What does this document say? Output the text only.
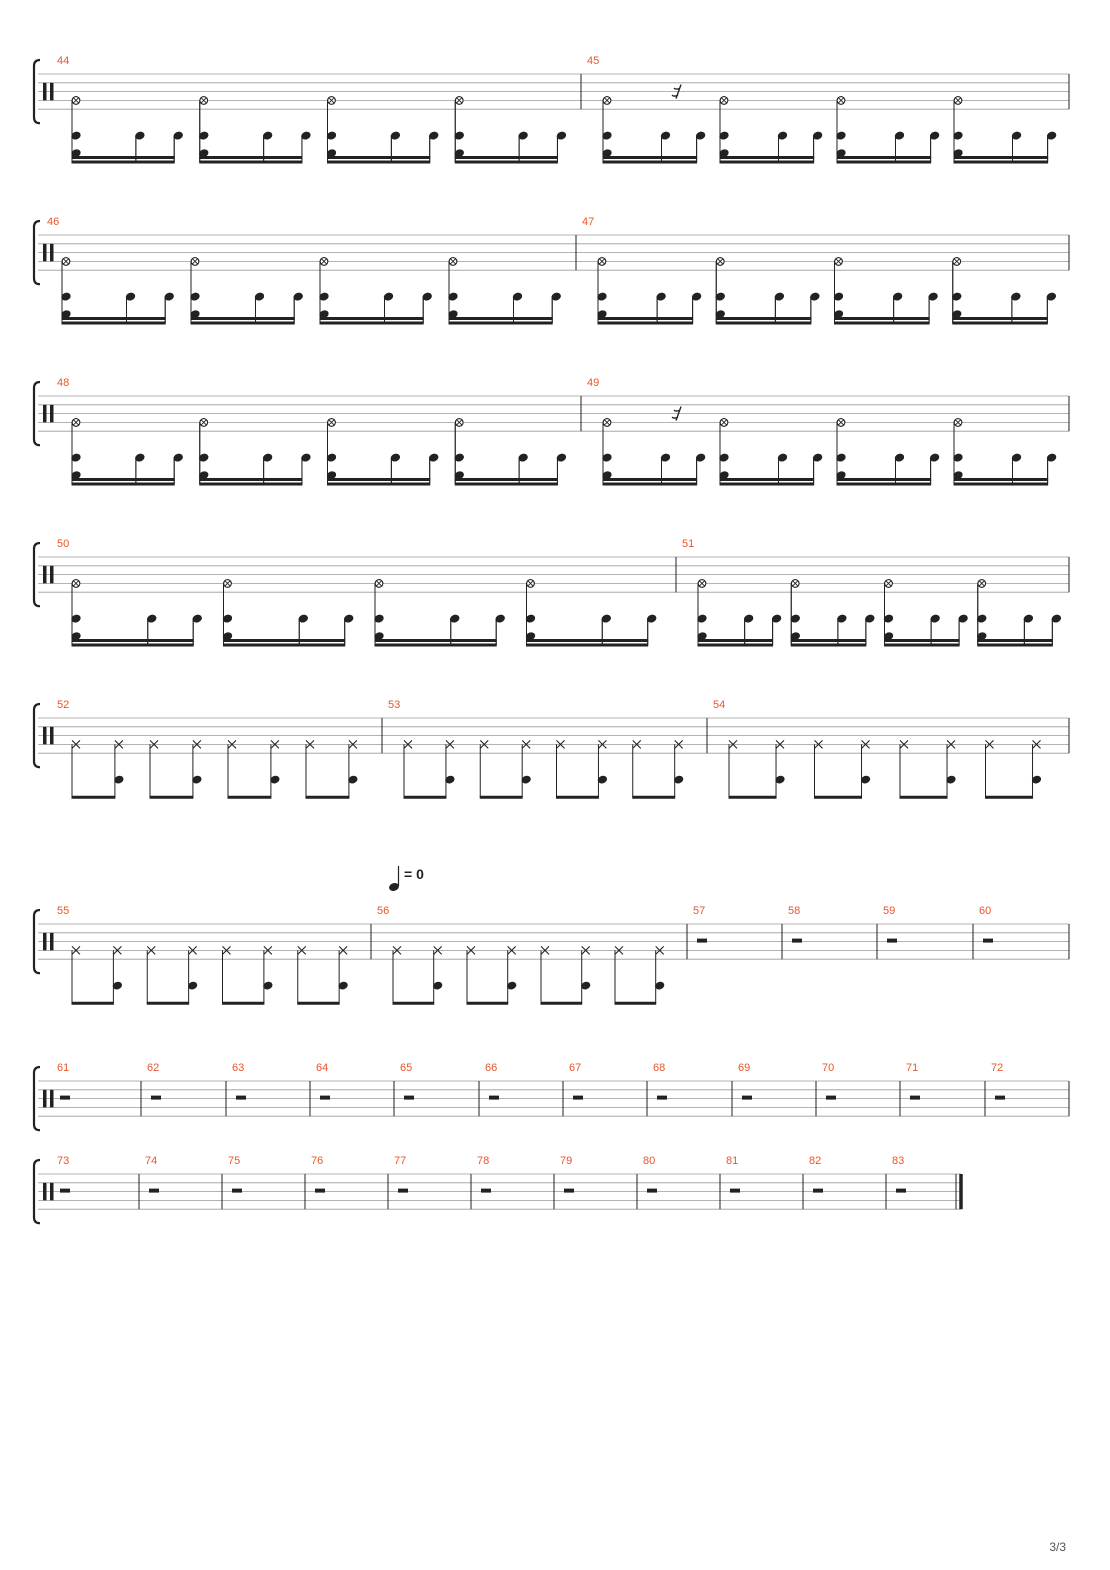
= 0
44	45
46	47
48	49
50	51
52	53	54
55	56	57	58	59	60
61	62	63	64	65	66	67	68	69	70	71	72
73	74	75	76	77	78	79	80	81	82	83
3/3
